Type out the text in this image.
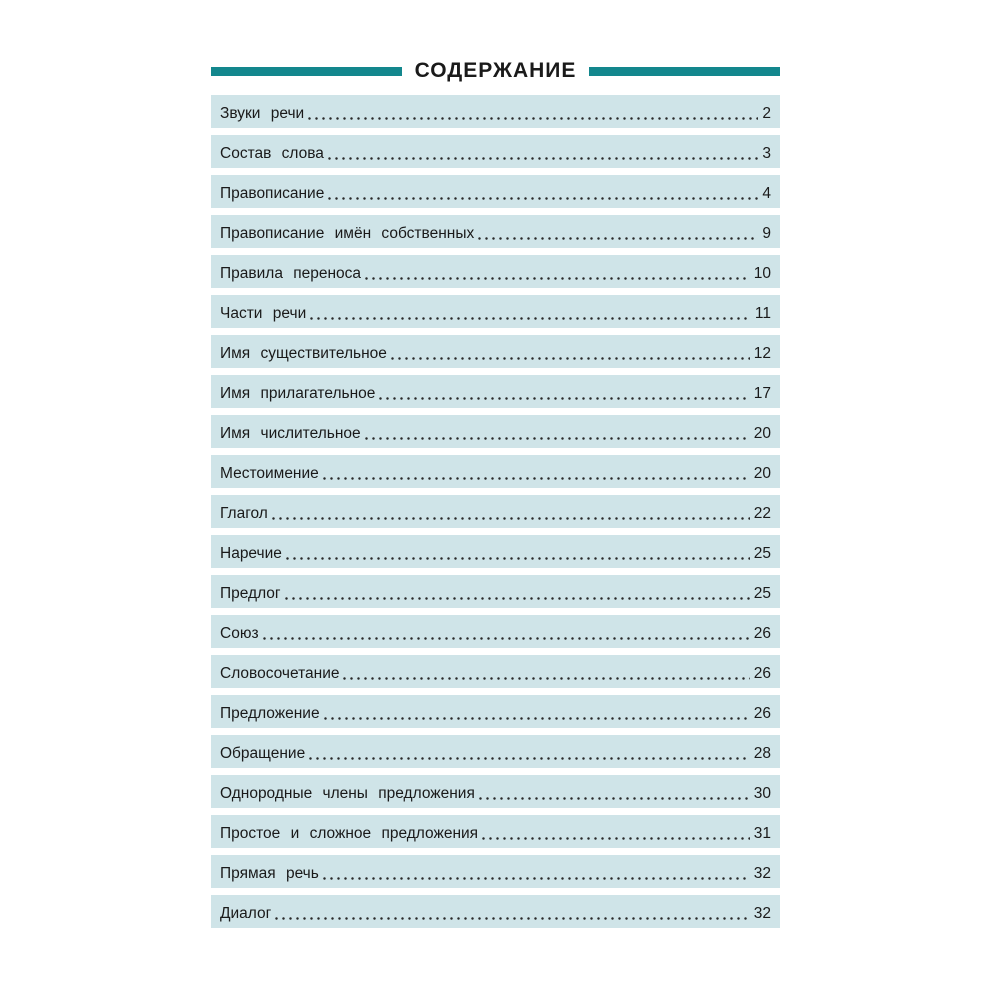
СОДЕРЖАНИЕ
Звуки речи	2
Состав слова	3
Правописание	4
Правописание имён собственных	9
Правила переноса	10
Части речи	11
Имя существительное	12
Имя прилагательное	17
Имя числительное	20
Местоимение	20
Глагол	22
Наречие	25
Предлог	25
Союз	26
Словосочетание	26
Предложение	26
Обращение	28
Однородные члены предложения	30
Простое и сложное предложения	31
Прямая речь	32
Диалог	32
